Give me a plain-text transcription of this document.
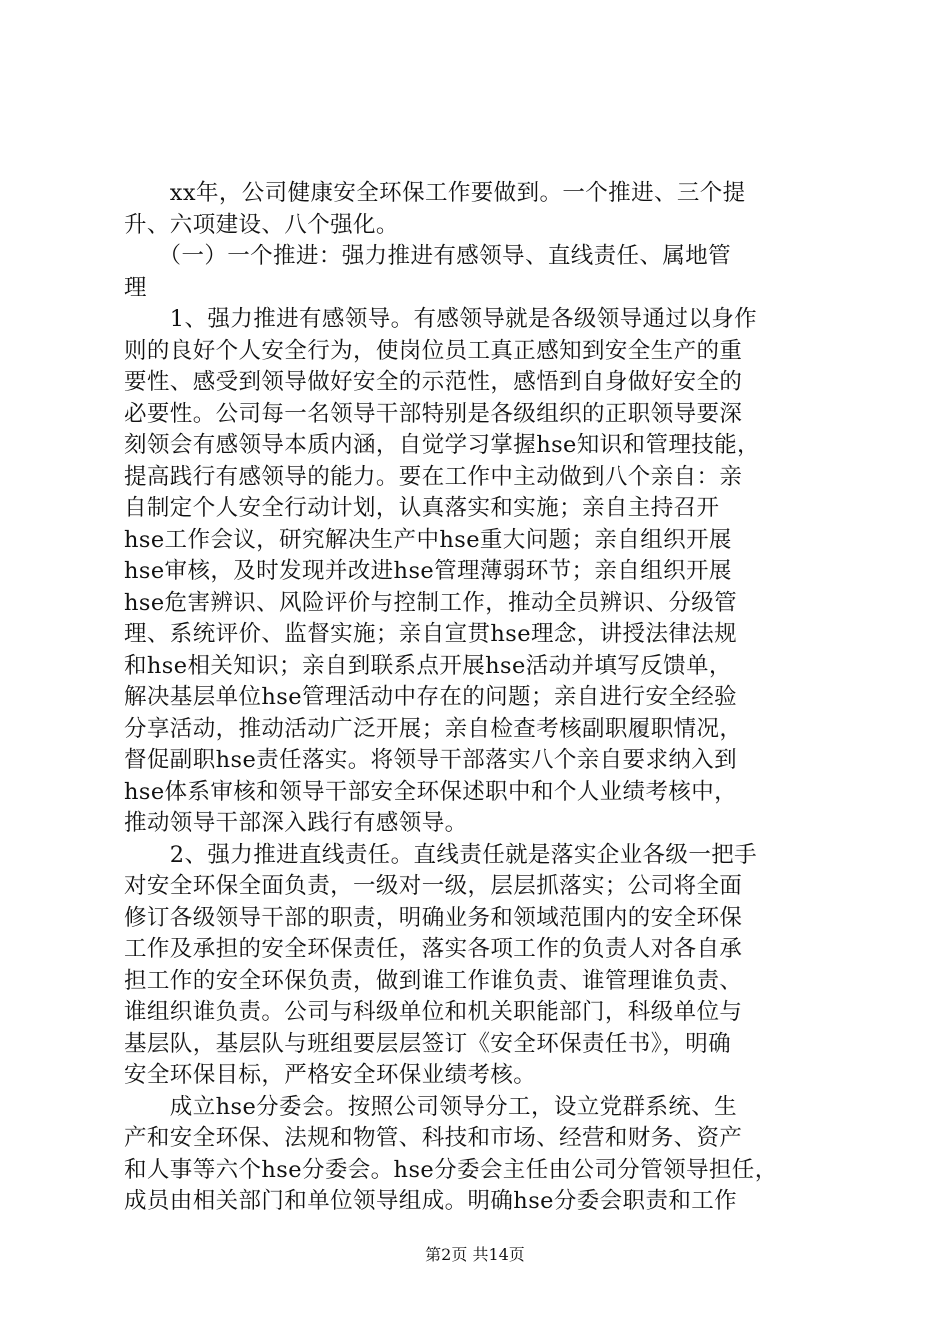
　　xx年，公司健康安全环保工作要做到。一个推进、三个提
升、六项建设、八个强化。
　　（一）一个推进：强力推进有感领导、直线责任、属地管
理
　　1、强力推进有感领导。有感领导就是各级领导通过以身作
则的良好个人安全行为，使岗位员工真正感知到安全生产的重
要性、感受到领导做好安全的示范性，感悟到自身做好安全的
必要性。公司每一名领导干部特别是各级组织的正职领导要深
刻领会有感领导本质内涵，自觉学习掌握hse知识和管理技能，
提高践行有感领导的能力。要在工作中主动做到八个亲自：亲
自制定个人安全行动计划，认真落实和实施；亲自主持召开
hse工作会议，研究解决生产中hse重大问题；亲自组织开展
hse审核，及时发现并改进hse管理薄弱环节；亲自组织开展
hse危害辨识、风险评价与控制工作，推动全员辨识、分级管
理、系统评价、监督实施；亲自宣贯hse理念，讲授法律法规
和hse相关知识；亲自到联系点开展hse活动并填写反馈单，
解决基层单位hse管理活动中存在的问题；亲自进行安全经验
分享活动，推动活动广泛开展；亲自检查考核副职履职情况，
督促副职hse责任落实。将领导干部落实八个亲自要求纳入到
hse体系审核和领导干部安全环保述职中和个人业绩考核中，
推动领导干部深入践行有感领导。
　　2、强力推进直线责任。直线责任就是落实企业各级一把手
对安全环保全面负责，一级对一级，层层抓落实；公司将全面
修订各级领导干部的职责，明确业务和领域范围内的安全环保
工作及承担的安全环保责任，落实各项工作的负责人对各自承
担工作的安全环保负责，做到谁工作谁负责、谁管理谁负责、
谁组织谁负责。公司与科级单位和机关职能部门，科级单位与
基层队，基层队与班组要层层签订《安全环保责任书》，明确
安全环保目标，严格安全环保业绩考核。
　　成立hse分委会。按照公司领导分工，设立党群系统、生
产和安全环保、法规和物管、科技和市场、经营和财务、资产
和人事等六个hse分委会。hse分委会主任由公司分管领导担任，
成员由相关部门和单位领导组成。明确hse分委会职责和工作
第2页 共14页
